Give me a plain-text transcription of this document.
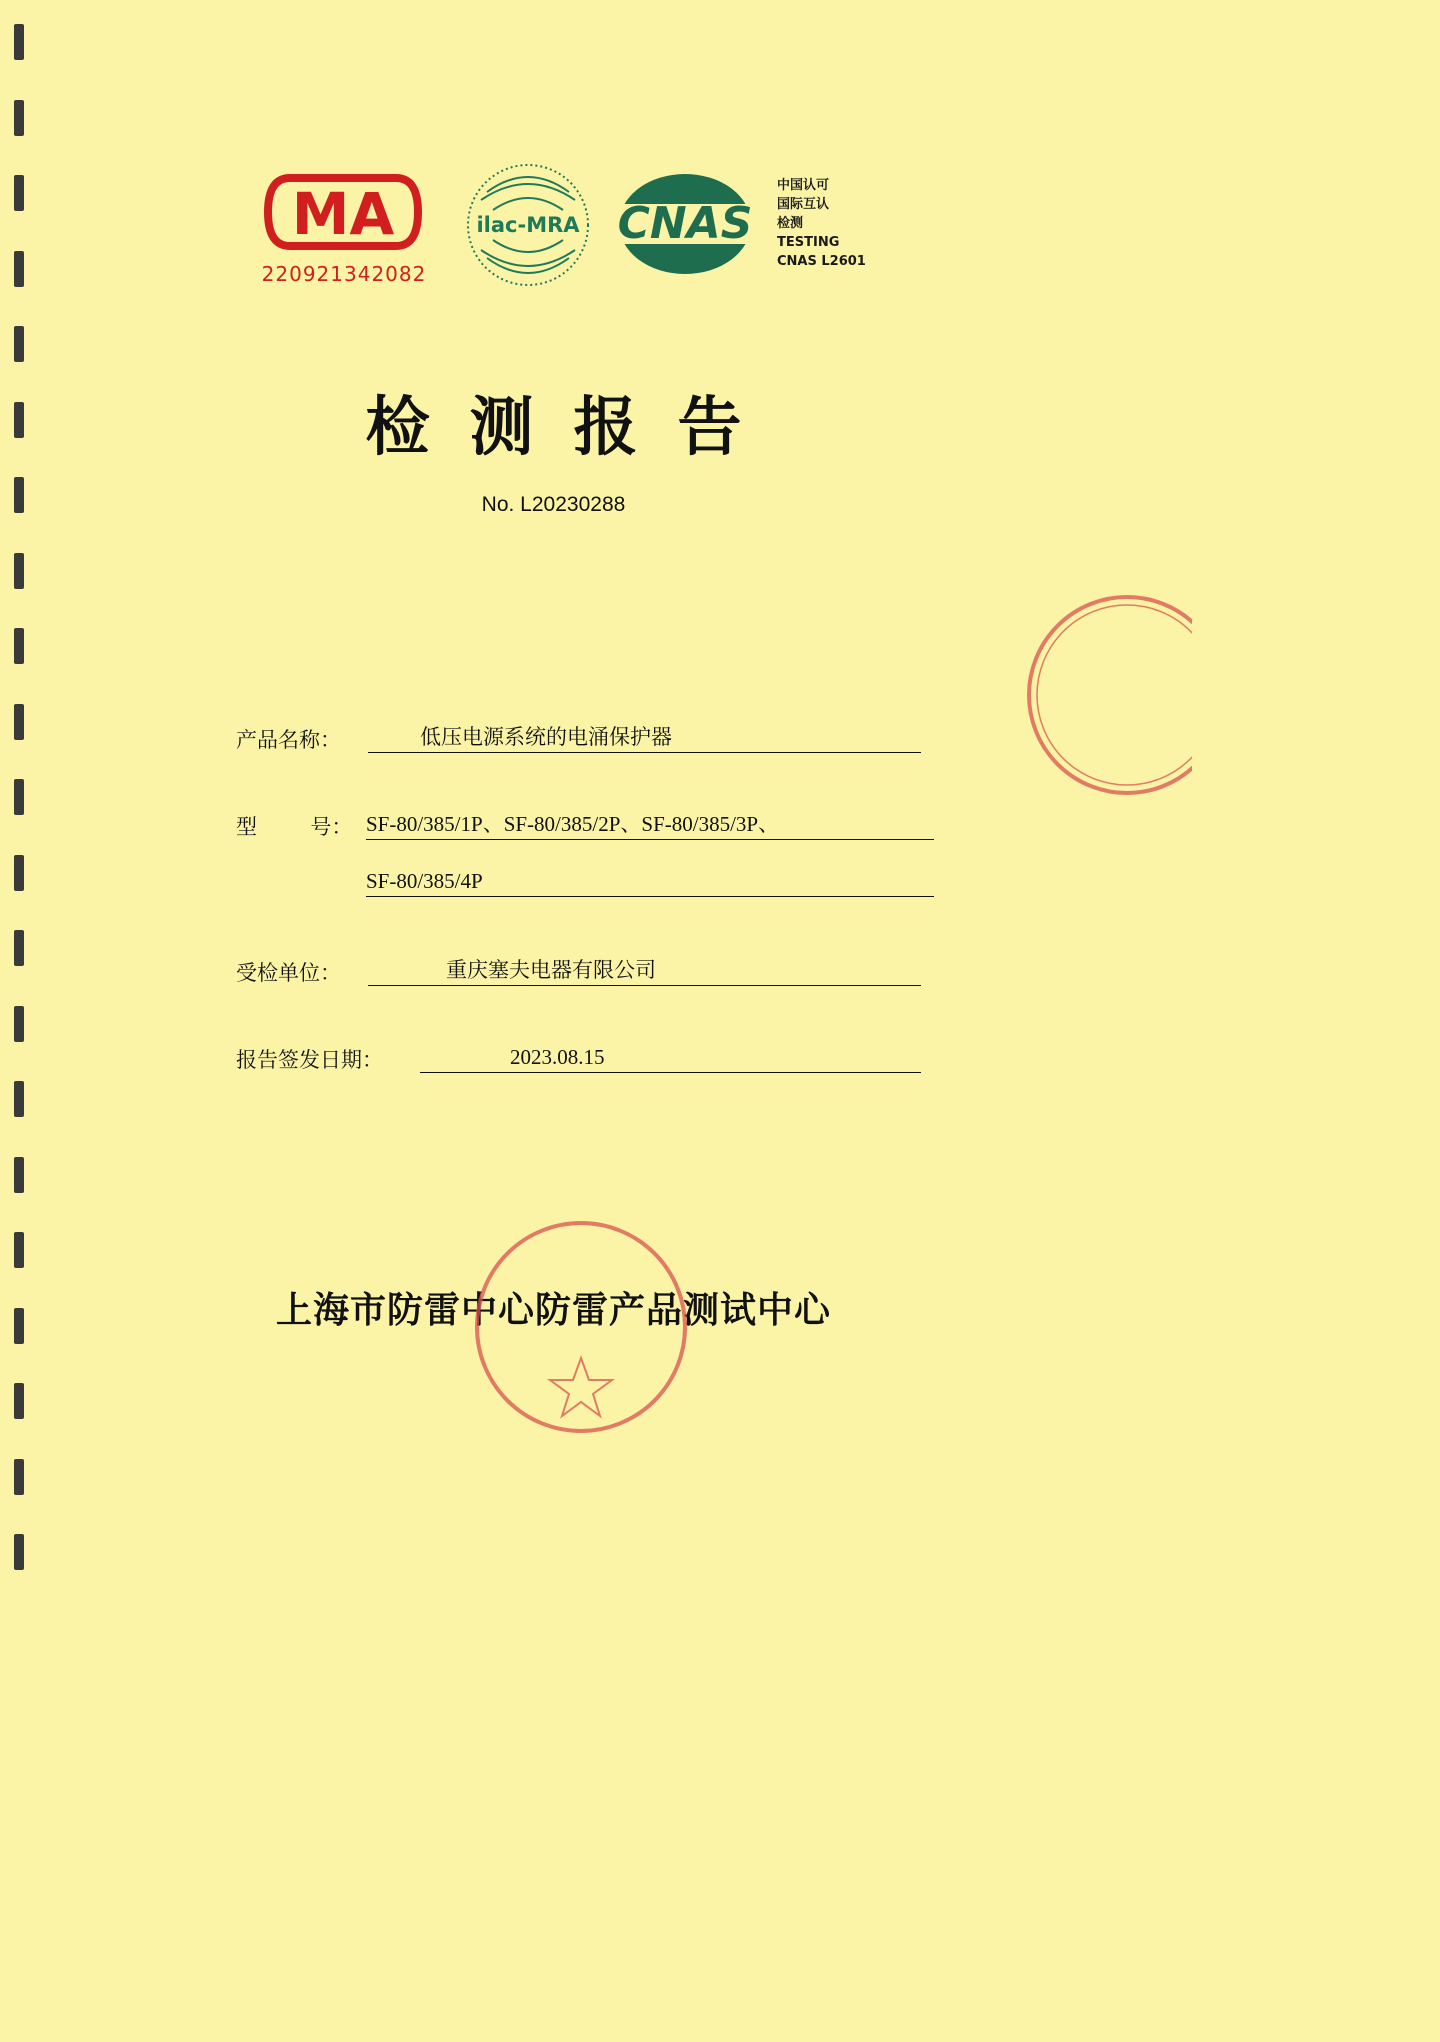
MA
220921342082
ilac-MRA CNAS
中国认可
国际互认
检测
TESTING
CNAS L2601
检测报告
No. L20230288
产品名称：	低压电源系统的电涌保护器
型        号： SF-80/385/1P、SF-80/385/2P、SF-80/385/3P、
SF-80/385/4P
受检单位：	重庆塞夫电器有限公司
报告签发日期：	2023.08.15
上海市防雷中心防雷产品测试中心
